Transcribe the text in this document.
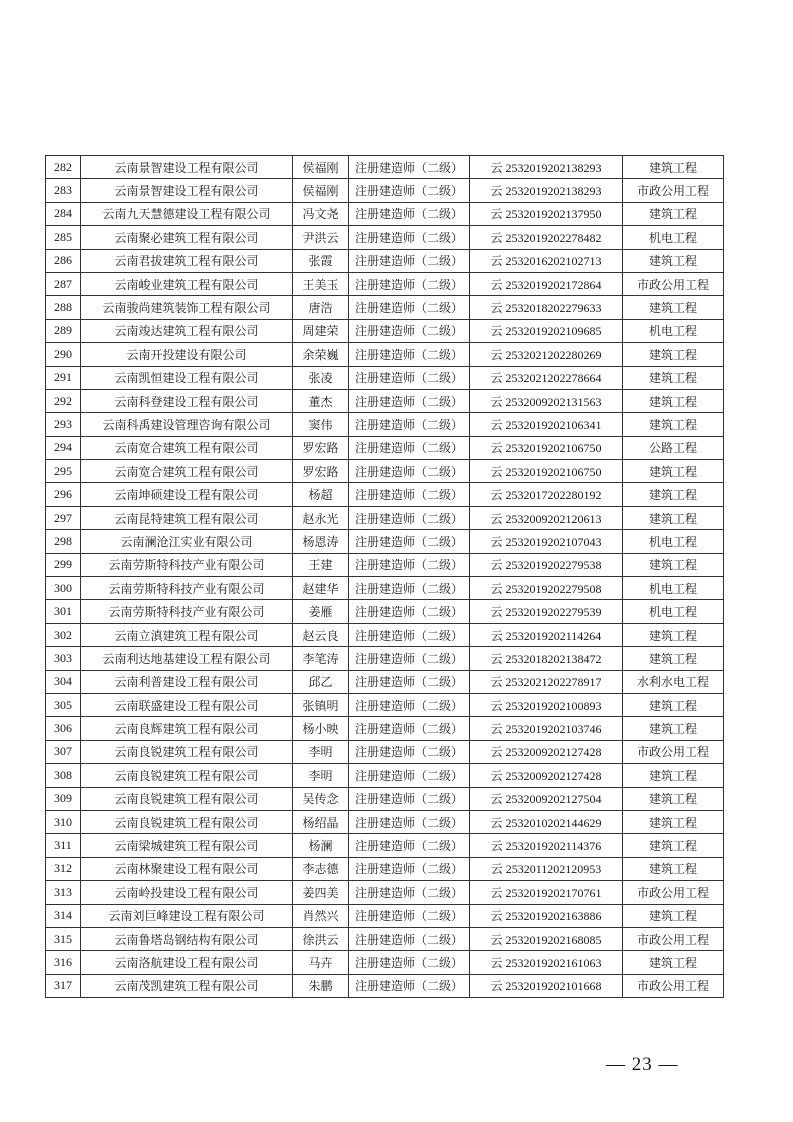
282	云南景智建设工程有限公司	侯福刚	注册建造师（二级）	云 2532019202138293	建筑工程
283	云南景智建设工程有限公司	侯福刚	注册建造师（二级）	云 2532019202138293	市政公用工程
284	云南九天慧德建设工程有限公司	冯文尧	注册建造师（二级）	云 2532019202137950	建筑工程
285	云南聚必建筑工程有限公司	尹洪云	注册建造师（二级）	云 2532019202278482	机电工程
286	云南君拔建筑工程有限公司	张霞	注册建造师（二级）	云 2532016202102713	建筑工程
287	云南峻业建筑工程有限公司	王美玉	注册建造师（二级）	云 2532019202172864	市政公用工程
288	云南骏尚建筑装饰工程有限公司	唐浩	注册建造师（二级）	云 2532018202279633	建筑工程
289	云南竣达建筑工程有限公司	周建荣	注册建造师（二级）	云 2532019202109685	机电工程
290	云南开投建设有限公司	余荣巍	注册建造师（二级）	云 2532021202280269	建筑工程
291	云南凯恒建设工程有限公司	张凌	注册建造师（二级）	云 2532021202278664	建筑工程
292	云南科登建设工程有限公司	董杰	注册建造师（二级）	云 2532009202131563	建筑工程
293	云南科禹建设管理咨询有限公司	窦伟	注册建造师（二级）	云 2532019202106341	建筑工程
294	云南宽合建筑工程有限公司	罗宏路	注册建造师（二级）	云 2532019202106750	公路工程
295	云南宽合建筑工程有限公司	罗宏路	注册建造师（二级）	云 2532019202106750	建筑工程
296	云南坤硕建设工程有限公司	杨超	注册建造师（二级）	云 2532017202280192	建筑工程
297	云南昆特建筑工程有限公司	赵永光	注册建造师（二级）	云 2532009202120613	建筑工程
298	云南澜沧江实业有限公司	杨恩涛	注册建造师（二级）	云 2532019202107043	机电工程
299	云南劳斯特科技产业有限公司	王建	注册建造师（二级）	云 2532019202279538	建筑工程
300	云南劳斯特科技产业有限公司	赵建华	注册建造师（二级）	云 2532019202279508	机电工程
301	云南劳斯特科技产业有限公司	姜雁	注册建造师（二级）	云 2532019202279539	机电工程
302	云南立滇建筑工程有限公司	赵云良	注册建造师（二级）	云 2532019202114264	建筑工程
303	云南利达地基建设工程有限公司	李笔涛	注册建造师（二级）	云 2532018202138472	建筑工程
304	云南利普建设工程有限公司	邱乙	注册建造师（二级）	云 2532021202278917	水利水电工程
305	云南联盛建设工程有限公司	张镇明	注册建造师（二级）	云 2532019202100893	建筑工程
306	云南良辉建筑工程有限公司	杨小映	注册建造师（二级）	云 2532019202103746	建筑工程
307	云南良锐建筑工程有限公司	李明	注册建造师（二级）	云 2532009202127428	市政公用工程
308	云南良锐建筑工程有限公司	李明	注册建造师（二级）	云 2532009202127428	建筑工程
309	云南良锐建筑工程有限公司	吴传念	注册建造师（二级）	云 2532009202127504	建筑工程
310	云南良锐建筑工程有限公司	杨绍晶	注册建造师（二级）	云 2532010202144629	建筑工程
311	云南梁城建筑工程有限公司	杨澜	注册建造师（二级）	云 2532019202114376	建筑工程
312	云南林聚建设工程有限公司	李志德	注册建造师（二级）	云 2532011202120953	建筑工程
313	云南岭投建设工程有限公司	姜四美	注册建造师（二级）	云 2532019202170761	市政公用工程
314	云南刘巨峰建设工程有限公司	肖然兴	注册建造师（二级）	云 2532019202163886	建筑工程
315	云南鲁塔岛钢结构有限公司	徐洪云	注册建造师（二级）	云 2532019202168085	市政公用工程
316	云南洛航建设工程有限公司	马卉	注册建造师（二级）	云 2532019202161063	建筑工程
317	云南茂凯建筑工程有限公司	朱鹏	注册建造师（二级）	云 2532019202101668	市政公用工程
— 23 —
